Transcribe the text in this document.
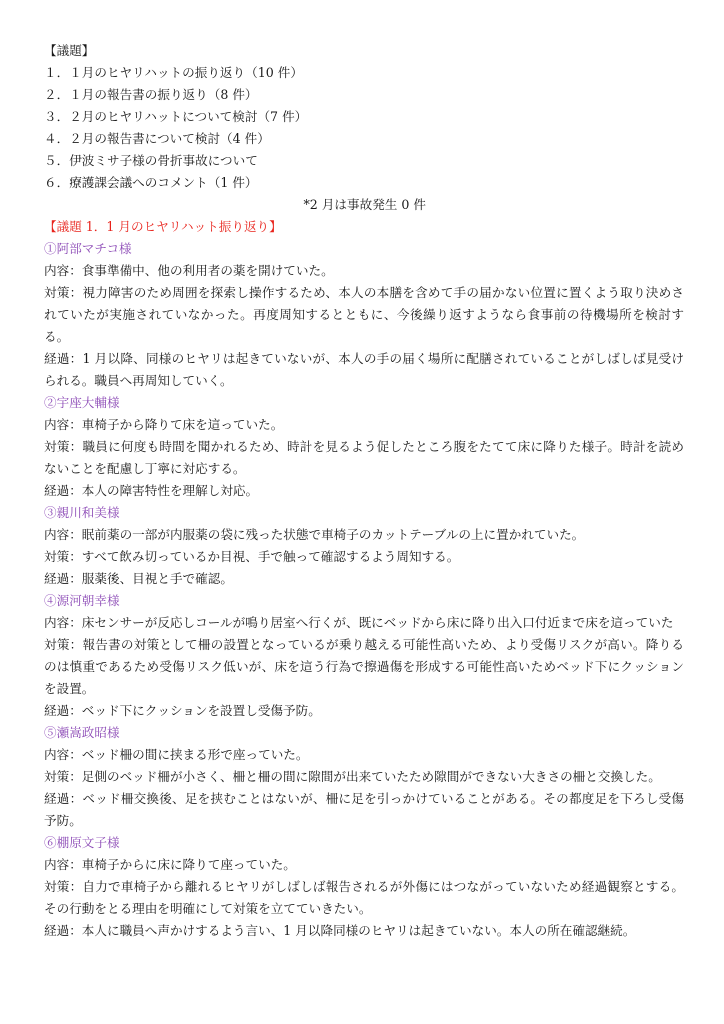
【議題】
１．１月のヒヤリハットの振り返り（10 件）
２．１月の報告書の振り返り（8 件）
３．２月のヒヤリハットについて検討（7 件）
４．２月の報告書について検討（4 件）
５．伊波ミサ子様の骨折事故について
６．療護課会議へのコメント（1 件）
*2 月は事故発生 0 件
【議題 1．1 月のヒヤリハット振り返り】
①阿部マチコ様
内容：食事準備中、他の利用者の薬を開けていた。
対策：視力障害のため周囲を探索し操作するため、本人の本膳を含めて手の届かない位置に置くよう取り決めされていたが実施されていなかった。再度周知するとともに、今後繰り返すようなら食事前の待機場所を検討する。
経過：1 月以降、同様のヒヤリは起きていないが、本人の手の届く場所に配膳されていることがしばしば見受けられる。職員へ再周知していく。
②宇座大輔様
内容：車椅子から降りて床を這っていた。
対策：職員に何度も時間を聞かれるため、時計を見るよう促したところ腹をたてて床に降りた様子。時計を読めないことを配慮し丁寧に対応する。
経過：本人の障害特性を理解し対応。
③親川和美様
内容：眠前薬の一部が内服薬の袋に残った状態で車椅子のカットテーブルの上に置かれていた。
対策：すべて飲み切っているか目視、手で触って確認するよう周知する。
経過：服薬後、目視と手で確認。
④源河朝幸様
内容：床センサーが反応しコールが鳴り居室へ行くが、既にベッドから床に降り出入口付近まで床を這っていた
対策：報告書の対策として柵の設置となっているが乗り越える可能性高いため、より受傷リスクが高い。降りるのは慎重であるため受傷リスク低いが、床を這う行為で擦過傷を形成する可能性高いためベッド下にクッションを設置。
経過：ベッド下にクッションを設置し受傷予防。
⑤瀬嵩政昭様
内容：ベッド柵の間に挟まる形で座っていた。
対策：足側のベッド柵が小さく、柵と柵の間に隙間が出来ていたため隙間ができない大きさの柵と交換した。
経過：ベッド柵交換後、足を挟むことはないが、柵に足を引っかけていることがある。その都度足を下ろし受傷予防。
⑥棚原文子様
内容：車椅子からに床に降りて座っていた。
対策：自力で車椅子から離れるヒヤリがしばしば報告されるが外傷にはつながっていないため経過観察とする。その行動をとる理由を明確にして対策を立てていきたい。
経過：本人に職員へ声かけするよう言い、1 月以降同様のヒヤリは起きていない。本人の所在確認継続。
